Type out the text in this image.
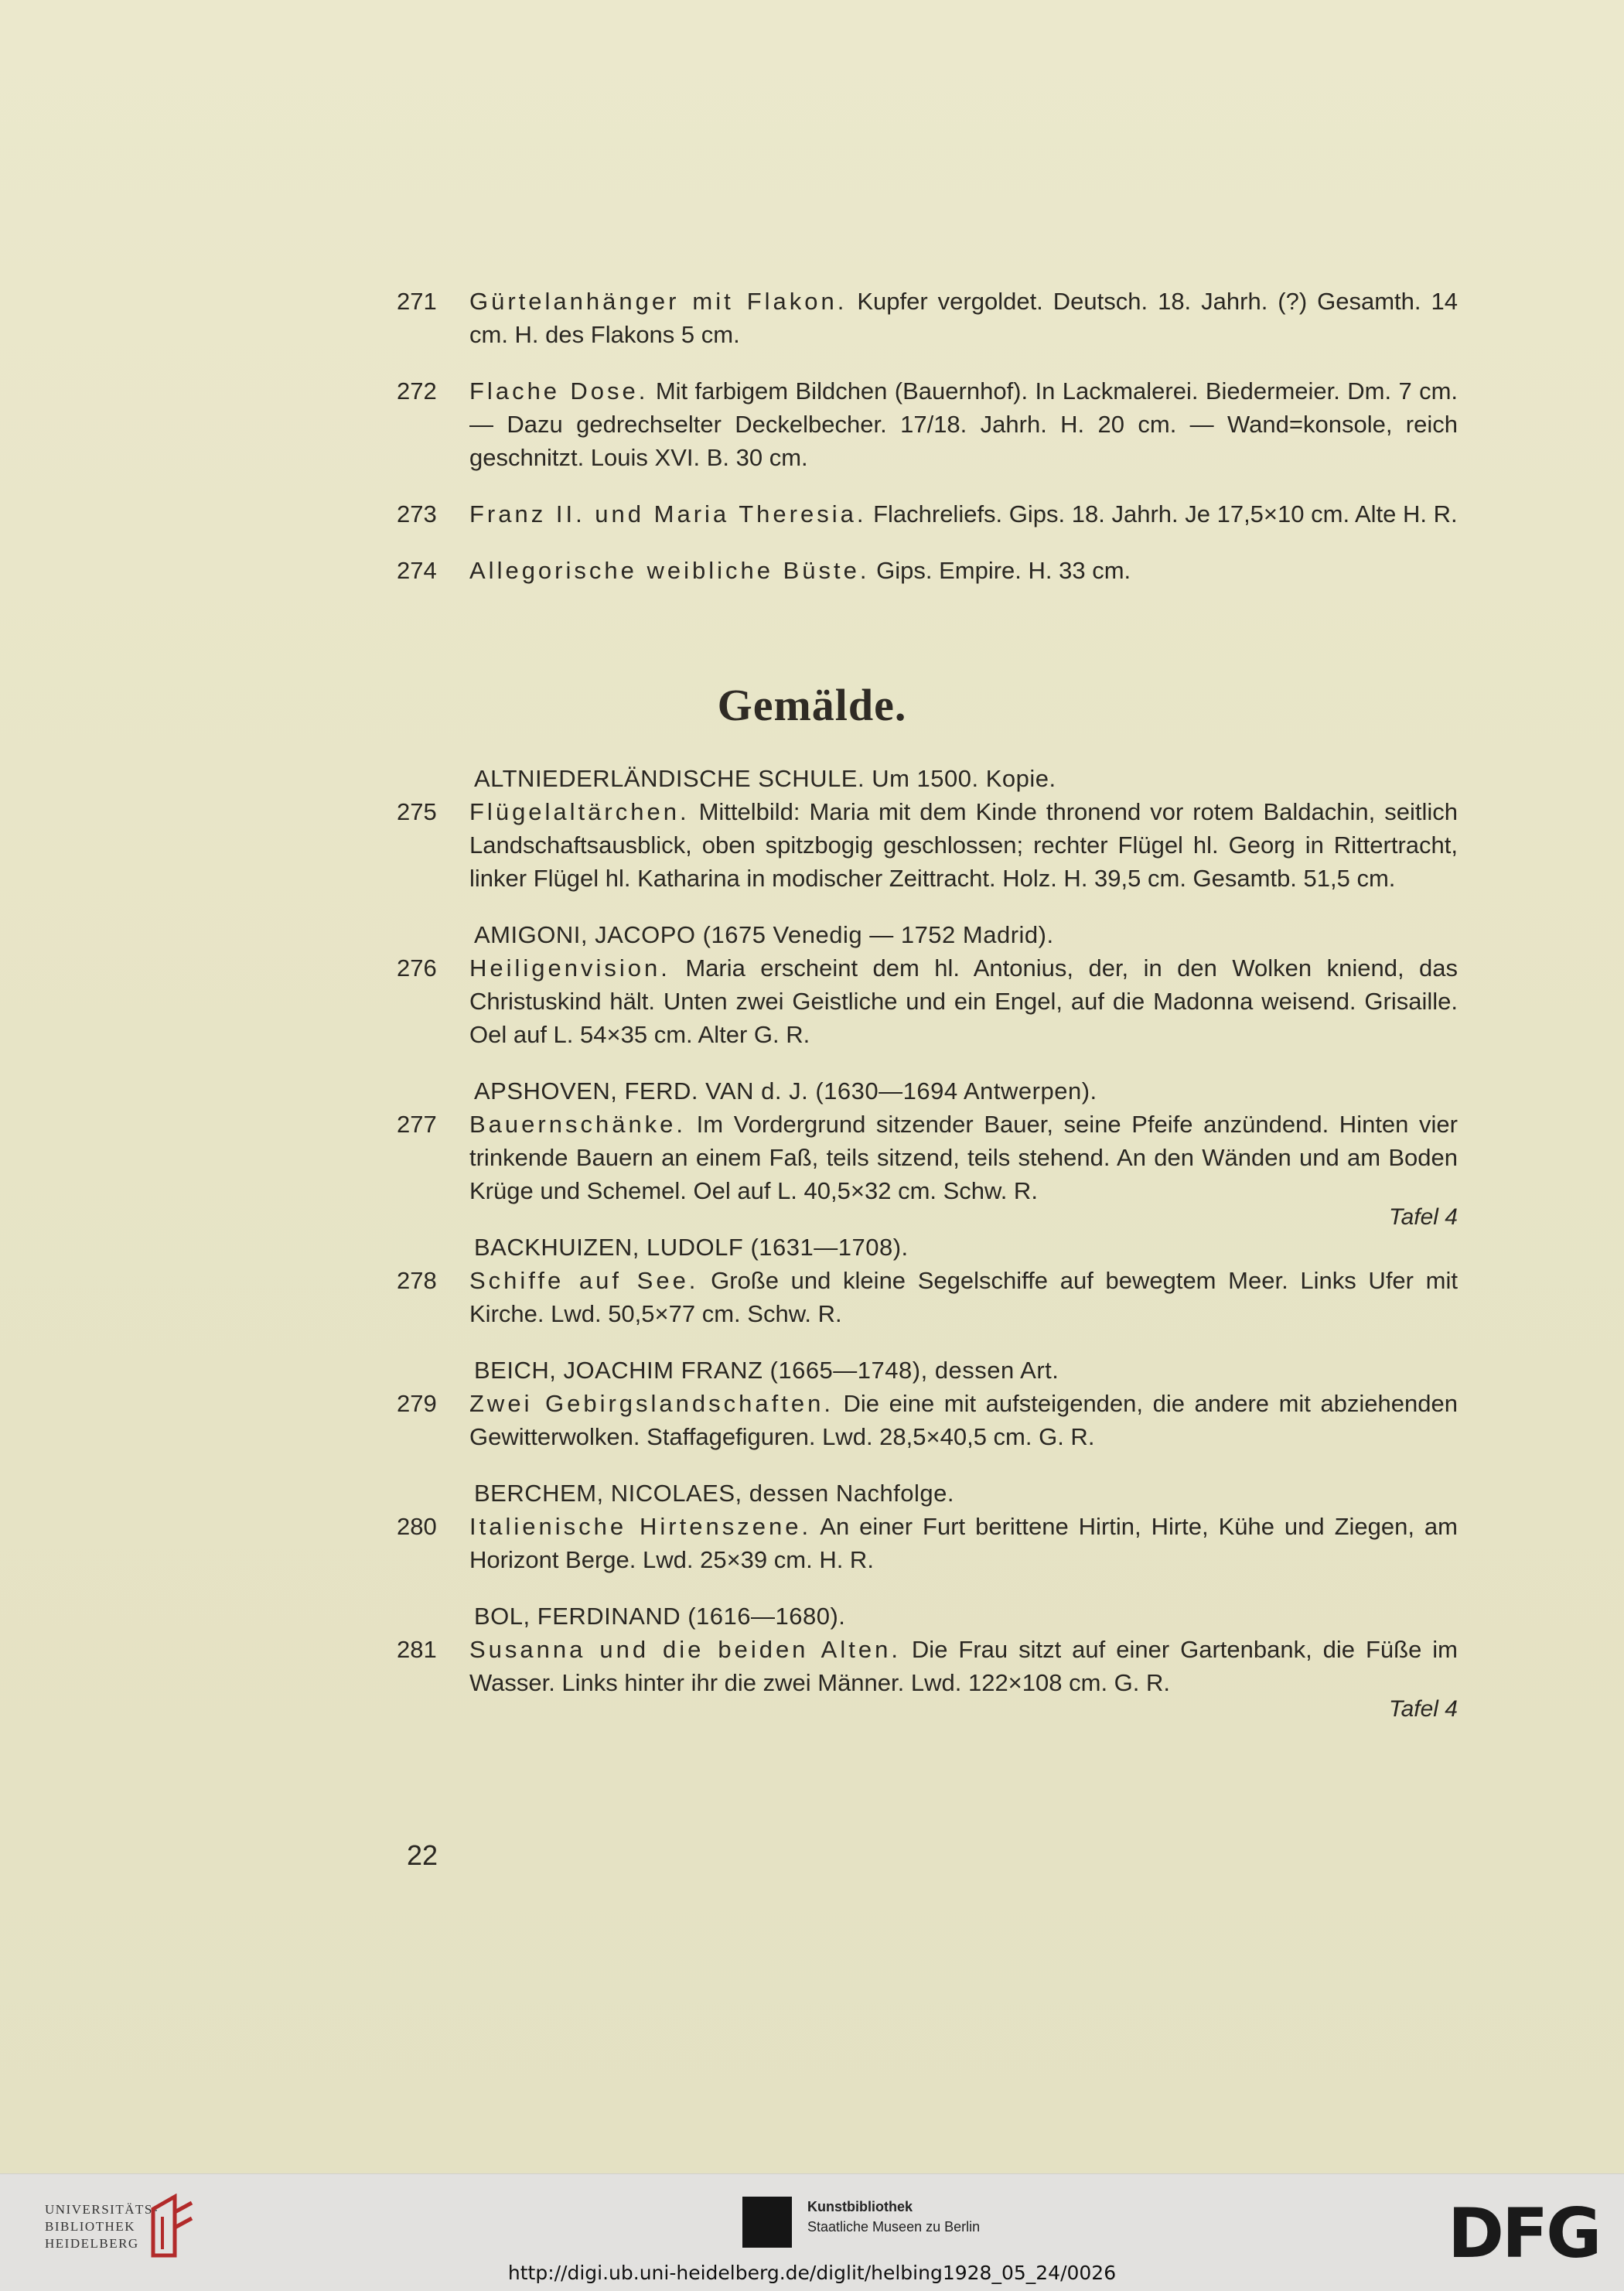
271 Gürtelanhänger mit Flakon. Kupfer vergoldet. Deutsch. 18. Jahrh. (?) Gesamth. 14 cm. H. des Flakons 5 cm.
272 Flache Dose. Mit farbigem Bildchen (Bauernhof). In Lackmalerei. Biedermeier. Dm. 7 cm. — Dazu gedrechselter Deckelbecher. 17/18. Jahrh. H. 20 cm. — Wand=konsole, reich geschnitzt. Louis XVI. B. 30 cm.
273 Franz II. und Maria Theresia. Flachreliefs. Gips. 18. Jahrh. Je 17,5×10 cm. Alte H. R.
274 Allegorische weibliche Büste. Gips. Empire. H. 33 cm.
Gemälde.
ALTNIEDERLÄNDISCHE SCHULE. Um 1500. Kopie.
275 Flügelaltärchen. Mittelbild: Maria mit dem Kinde thronend vor rotem Baldachin, seitlich Landschaftsausblick, oben spitzbogig geschlossen; rechter Flügel hl. Georg in Rittertracht, linker Flügel hl. Katharina in modischer Zeittracht. Holz. H. 39,5 cm. Gesamtb. 51,5 cm.
AMIGONI, JACOPO (1675 Venedig — 1752 Madrid).
276 Heiligenvision. Maria erscheint dem hl. Antonius, der, in den Wolken kniend, das Christuskind hält. Unten zwei Geistliche und ein Engel, auf die Madonna weisend. Grisaille. Oel auf L. 54×35 cm. Alter G. R.
APSHOVEN, FERD. VAN d. J. (1630—1694 Antwerpen).
277 Bauernschänke. Im Vordergrund sitzender Bauer, seine Pfeife anzündend. Hinten vier trinkende Bauern an einem Faß, teils sitzend, teils stehend. An den Wänden und am Boden Krüge und Schemel. Oel auf L. 40,5×32 cm. Schw. R.
Tafel 4
BACKHUIZEN, LUDOLF (1631—1708).
278 Schiffe auf See. Große und kleine Segelschiffe auf bewegtem Meer. Links Ufer mit Kirche. Lwd. 50,5×77 cm. Schw. R.
BEICH, JOACHIM FRANZ (1665—1748), dessen Art.
279 Zwei Gebirgslandschaften. Die eine mit aufsteigenden, die andere mit abziehenden Gewitterwolken. Staffagefiguren. Lwd. 28,5×40,5 cm. G. R.
BERCHEM, NICOLAES, dessen Nachfolge.
280 Italienische Hirtenszene. An einer Furt berittene Hirtin, Hirte, Kühe und Ziegen, am Horizont Berge. Lwd. 25×39 cm. H. R.
BOL, FERDINAND (1616—1680).
281 Susanna und die beiden Alten. Die Frau sitzt auf einer Gartenbank, die Füße im Wasser. Links hinter ihr die zwei Männer. Lwd. 122×108 cm. G. R.
Tafel 4
22
UNIVERSITÄTS-
BIBLIOTHEK
HEIDELBERG
Kunstbibliothek
Staatliche Museen zu Berlin	DFG
http://digi.ub.uni-heidelberg.de/diglit/helbing1928_05_24/0026
